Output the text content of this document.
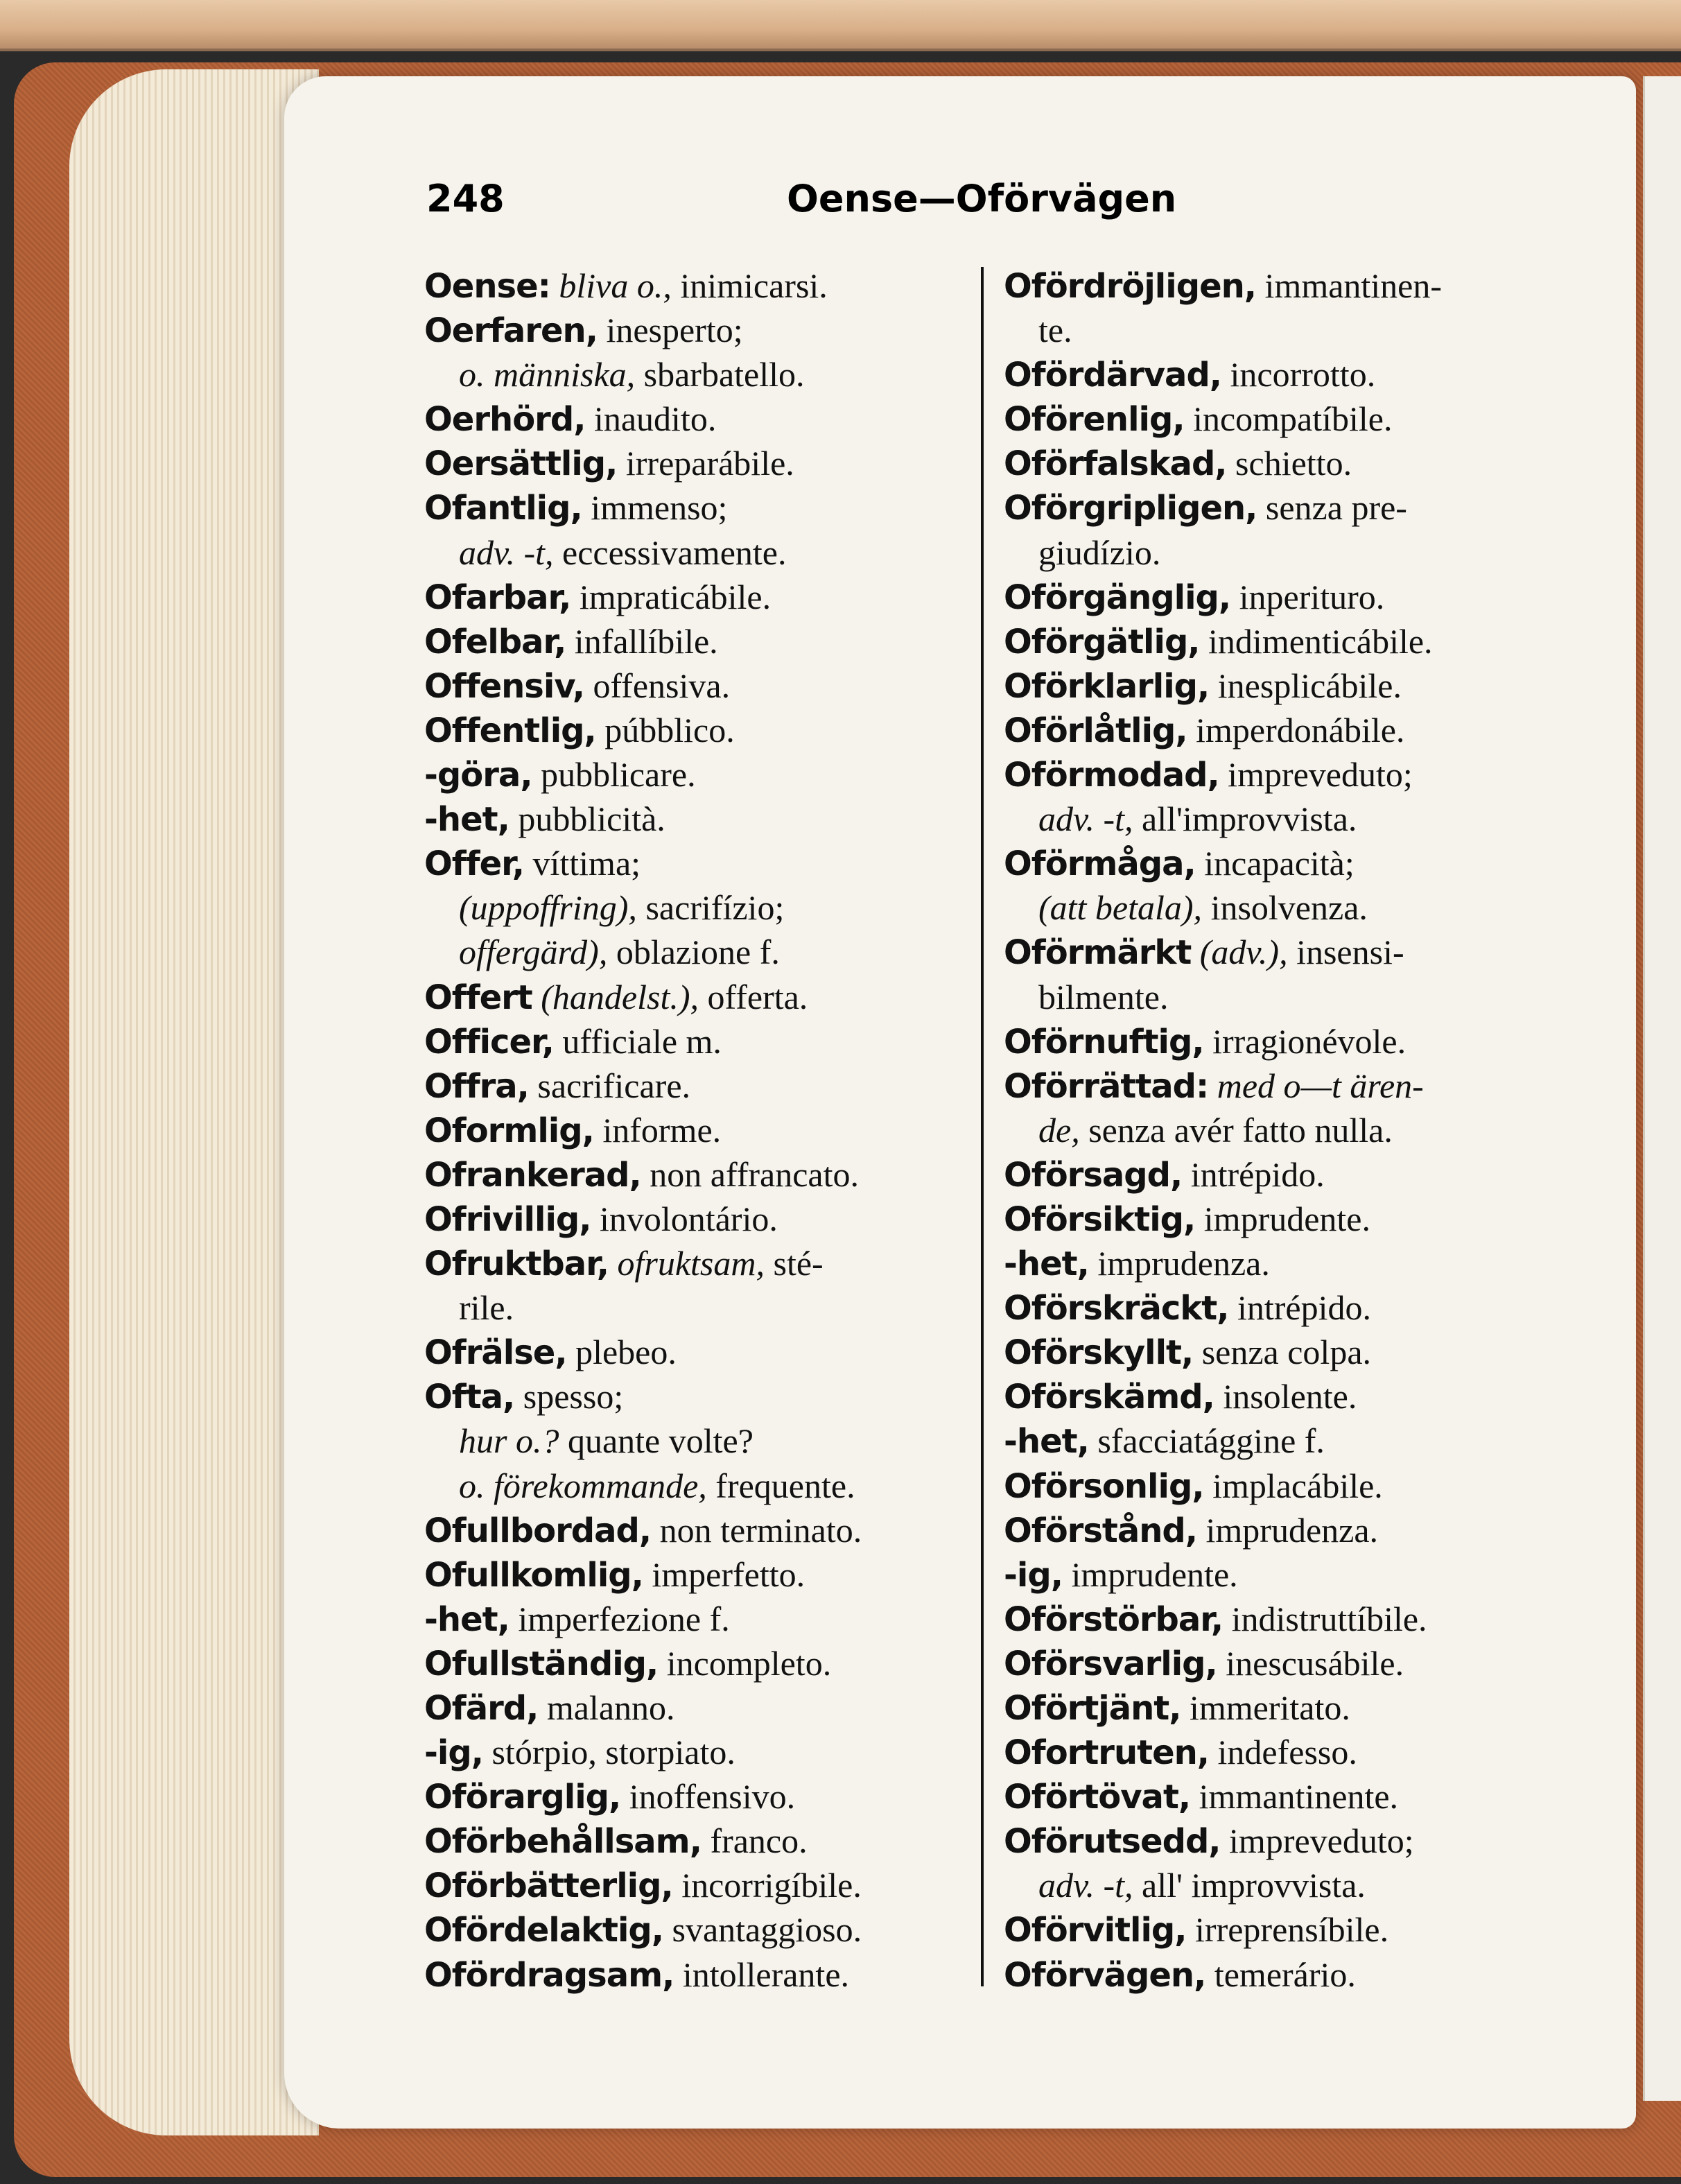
248	Oense—Oförvägen
Oense: bliva o., inimicarsi.
Oerfaren, inesperto;
o. människa, sbarbatello.
Oerhörd, inaudito.
Oersättlig, irreparábile.
Ofantlig, immenso;
adv. -t, eccessivamente.
Ofarbar, impraticábile.
Ofelbar, infallíbile.
Offensiv, offensiva.
Offentlig, púbblico.
-göra, pubblicare.
-het, pubblicità.
Offer, víttima;
(uppoffring), sacrifízio;
offergärd), oblazione f.
Offert (handelst.), offerta.
Officer, ufficiale m.
Offra, sacrificare.
Oformlig, informe.
Ofrankerad, non affrancato.
Ofrivillig, involontário.
Ofruktbar, ofruktsam, sté-
rile.
Ofrälse, plebeo.
Ofta, spesso;
hur o.? quante volte?
o. förekommande, frequente.
Ofullbordad, non terminato.
Ofullkomlig, imperfetto.
-het, imperfezione f.
Ofullständig, incompleto.
Ofärd, malanno.
-ig, stórpio, storpiato.
Oförarglig, inoffensivo.
Oförbehållsam, franco.
Oförbätterlig, incorrigíbile.
Ofördelaktig, svantaggioso.
Ofördragsam, intollerante.
Ofördröjligen, immantinen-
te.
Ofördärvad, incorrotto.
Oförenlig, incompatíbile.
Oförfalskad, schietto.
Oförgripligen, senza pre-
giudízio.
Oförgänglig, inperituro.
Oförgätlig, indimenticábile.
Oförklarlig, inesplicábile.
Oförlåtlig, imperdonábile.
Oförmodad, impreveduto;
adv. -t, all'improvvista.
Oförmåga, incapacità;
(att betala), insolvenza.
Oförmärkt (adv.), insensi-
bilmente.
Oförnuftig, irragionévole.
Oförrättad: med o—t ären-
de, senza avér fatto nulla.
Oförsagd, intrépido.
Oförsiktig, imprudente.
-het, imprudenza.
Oförskräckt, intrépido.
Oförskyllt, senza colpa.
Oförskämd, insolente.
-het, sfacciatággine f.
Oförsonlig, implacábile.
Oförstånd, imprudenza.
-ig, imprudente.
Oförstörbar, indistruttíbile.
Oförsvarlig, inescusábile.
Oförtjänt, immeritato.
Ofortruten, indefesso.
Oförtövat, immantinente.
Oförutsedd, impreveduto;
adv. -t, all' improvvista.
Oförvitlig, irreprensíbile.
Oförvägen, temerário.
